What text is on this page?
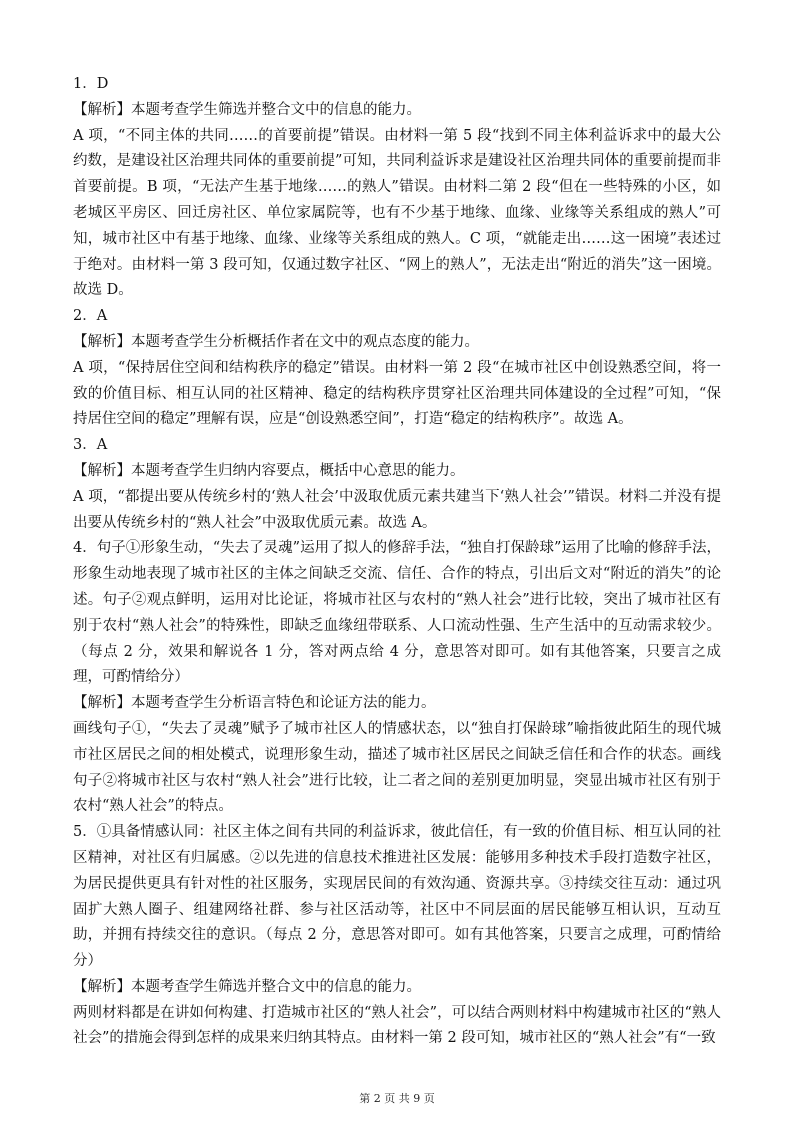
1．D

【解析】本题考查学生筛选并整合文中的信息的能力。

A 项，“不同主体的共同……的首要前提”错误。由材料一第 5 段“找到不同主体利益诉求中的最大公约数，是建设社区治理共同体的重要前提”可知，共同利益诉求是建设社区治理共同体的重要前提而非首要前提。B 项，“无法产生基于地缘……的熟人”错误。由材料二第 2 段“但在一些特殊的小区，如老城区平房区、回迁房社区、单位家属院等，也有不少基于地缘、血缘、业缘等关系组成的熟人”可知，城市社区中有基于地缘、血缘、业缘等关系组成的熟人。C 项，“就能走出……这一困境”表述过于绝对。由材料一第 3 段可知，仅通过数字社区、“网上的熟人”，无法走出“附近的消失”这一困境。故选 D。

2．A

【解析】本题考查学生分析概括作者在文中的观点态度的能力。

A 项，“保持居住空间和结构秩序的稳定”错误。由材料一第 2 段“在城市社区中创设熟悉空间，将一致的价值目标、相互认同的社区精神、稳定的结构秩序贯穿社区治理共同体建设的全过程”可知，“保持居住空间的稳定”理解有误，应是“创设熟悉空间”，打造“稳定的结构秩序”。故选 A。

3．A

【解析】本题考查学生归纳内容要点，概括中心意思的能力。

A 项，“都提出要从传统乡村的‘熟人社会’中汲取优质元素共建当下‘熟人社会’”错误。材料二并没有提出要从传统乡村的“熟人社会”中汲取优质元素。故选 A。

4．句子①形象生动，“失去了灵魂”运用了拟人的修辞手法，“独自打保龄球”运用了比喻的修辞手法，形象生动地表现了城市社区的主体之间缺乏交流、信任、合作的特点，引出后文对“附近的消失”的论述。句子②观点鲜明，运用对比论证，将城市社区与农村的“熟人社会”进行比较，突出了城市社区有别于农村“熟人社会”的特殊性，即缺乏血缘纽带联系、人口流动性强、生产生活中的互动需求较少。（每点 2 分，效果和解说各 1 分，答对两点给 4 分，意思答对即可。如有其他答案，只要言之成理，可酌情给分）

【解析】本题考查学生分析语言特色和论证方法的能力。

画线句子①，“失去了灵魂”赋予了城市社区人的情感状态，以“独自打保龄球”喻指彼此陌生的现代城市社区居民之间的相处模式，说理形象生动，描述了城市社区居民之间缺乏信任和合作的状态。画线句子②将城市社区与农村“熟人社会”进行比较，让二者之间的差别更加明显，突显出城市社区有别于农村“熟人社会”的特点。

5．①具备情感认同：社区主体之间有共同的利益诉求，彼此信任，有一致的价值目标、相互认同的社区精神，对社区有归属感。②以先进的信息技术推进社区发展：能够用多种技术手段打造数字社区，为居民提供更具有针对性的社区服务，实现居民间的有效沟通、资源共享。③持续交往互动：通过巩固扩大熟人圈子、组建网络社群、参与社区活动等，社区中不同层面的居民能够互相认识，互动互助，并拥有持续交往的意识。（每点 2 分，意思答对即可。如有其他答案，只要言之成理，可酌情给分）

【解析】本题考查学生筛选并整合文中的信息的能力。

两则材料都是在讲如何构建、打造城市社区的“熟人社会”，可以结合两则材料中构建城市社区的“熟人社会”的措施会得到怎样的成果来归纳其特点。由材料一第 2 段可知，城市社区的“熟人社会”有“一致

第 2 页 共 9 页
